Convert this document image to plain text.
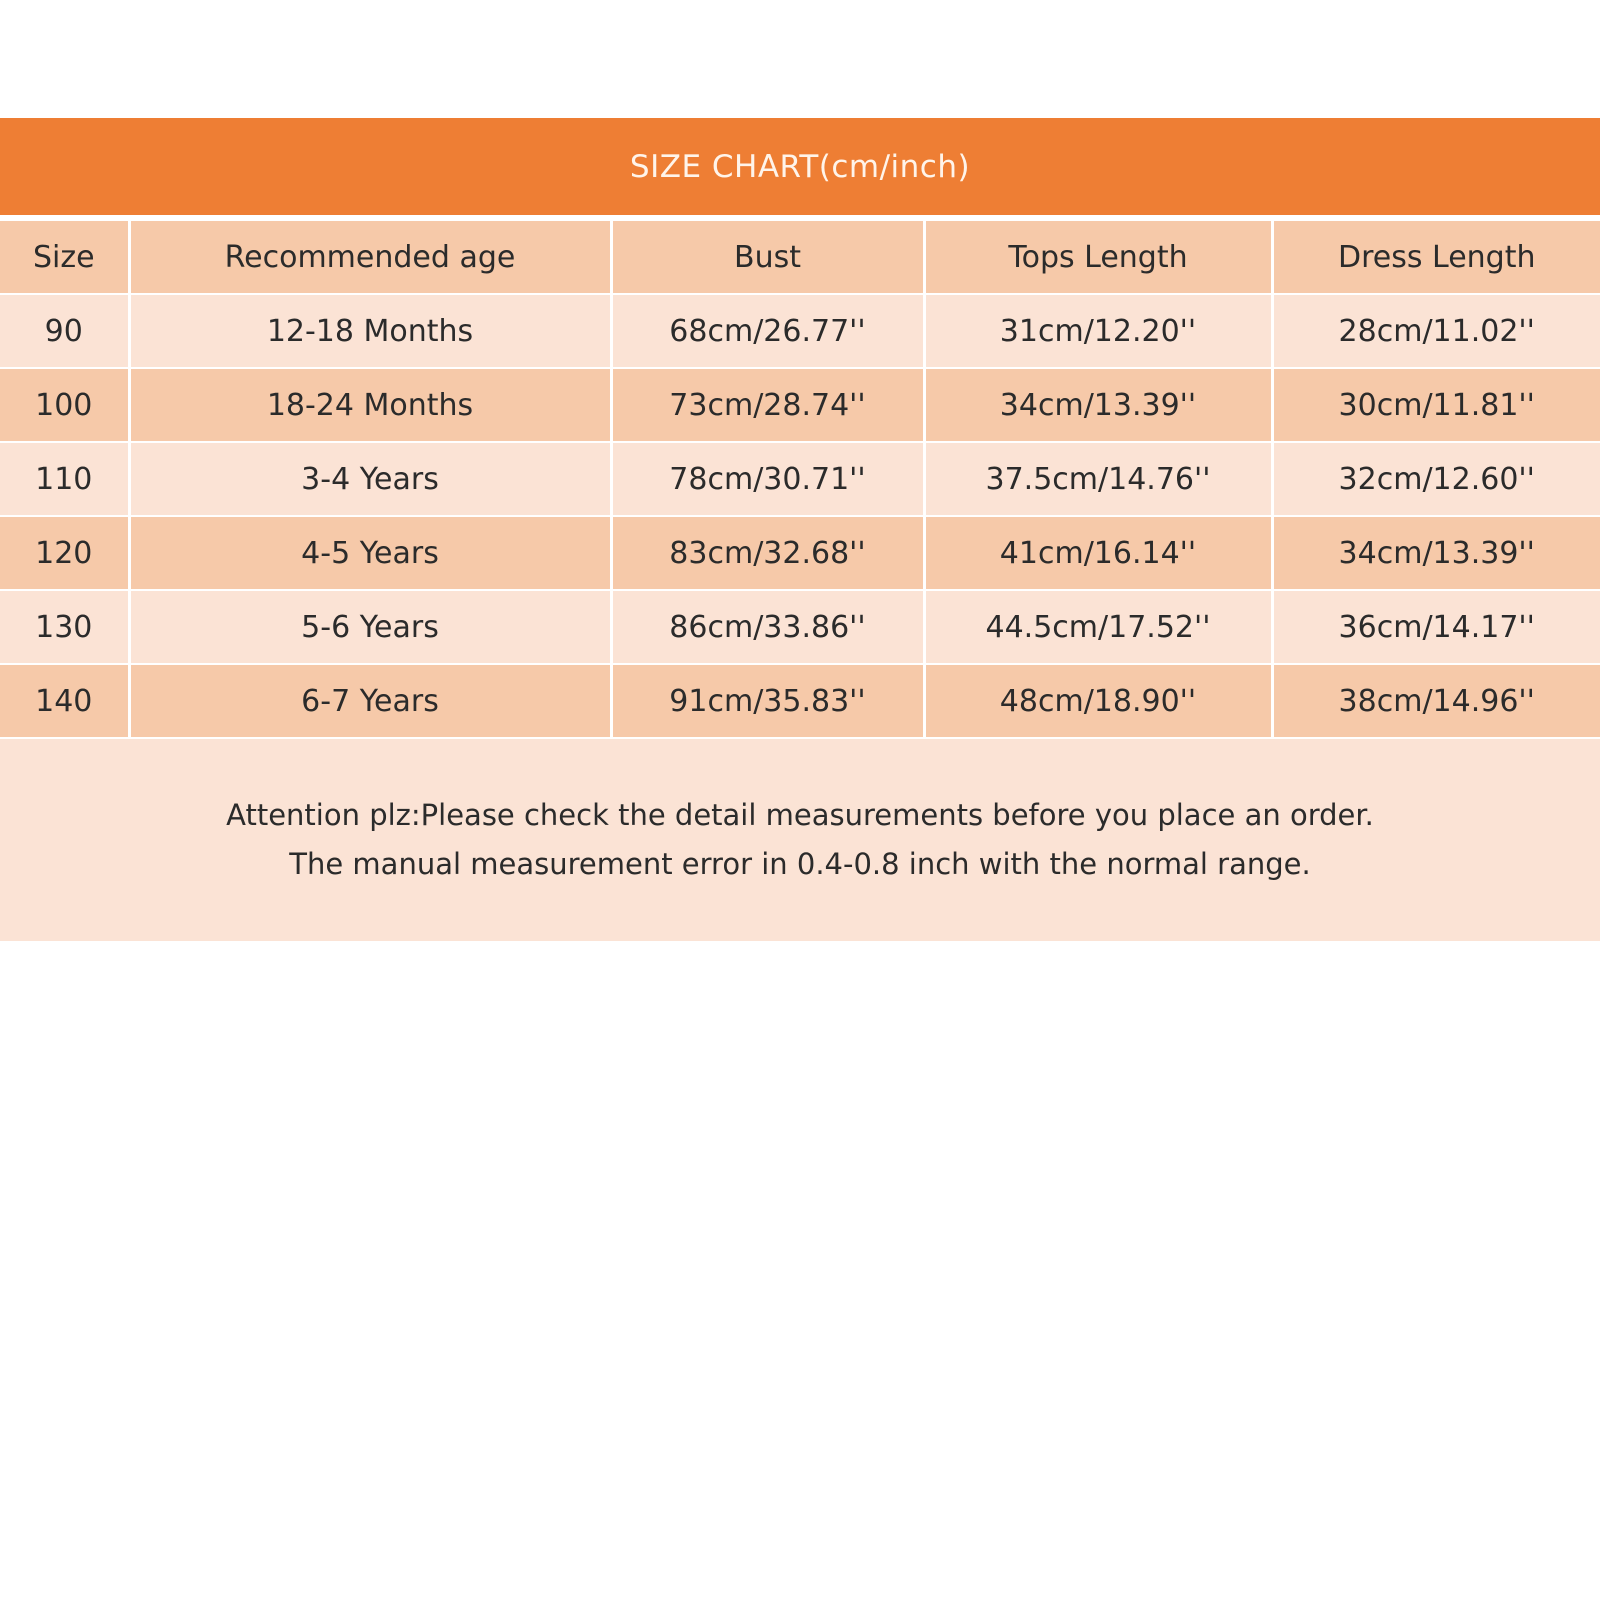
SIZE CHART(cm/inch)
Size	Recommended age	Bust	Tops Length	Dress Length
90	12-18 Months	68cm/26.77''	31cm/12.20''	28cm/11.02''
100	18-24 Months	73cm/28.74''	34cm/13.39''	30cm/11.81''
110	3-4 Years	78cm/30.71''	37.5cm/14.76''	32cm/12.60''
120	4-5 Years	83cm/32.68''	41cm/16.14''	34cm/13.39''
130	5-6 Years	86cm/33.86''	44.5cm/17.52''	36cm/14.17''
140	6-7 Years	91cm/35.83''	48cm/18.90''	38cm/14.96''
Attention plz:Please check the detail measurements before you place an order.
The manual measurement error in 0.4-0.8 inch with the normal range.
